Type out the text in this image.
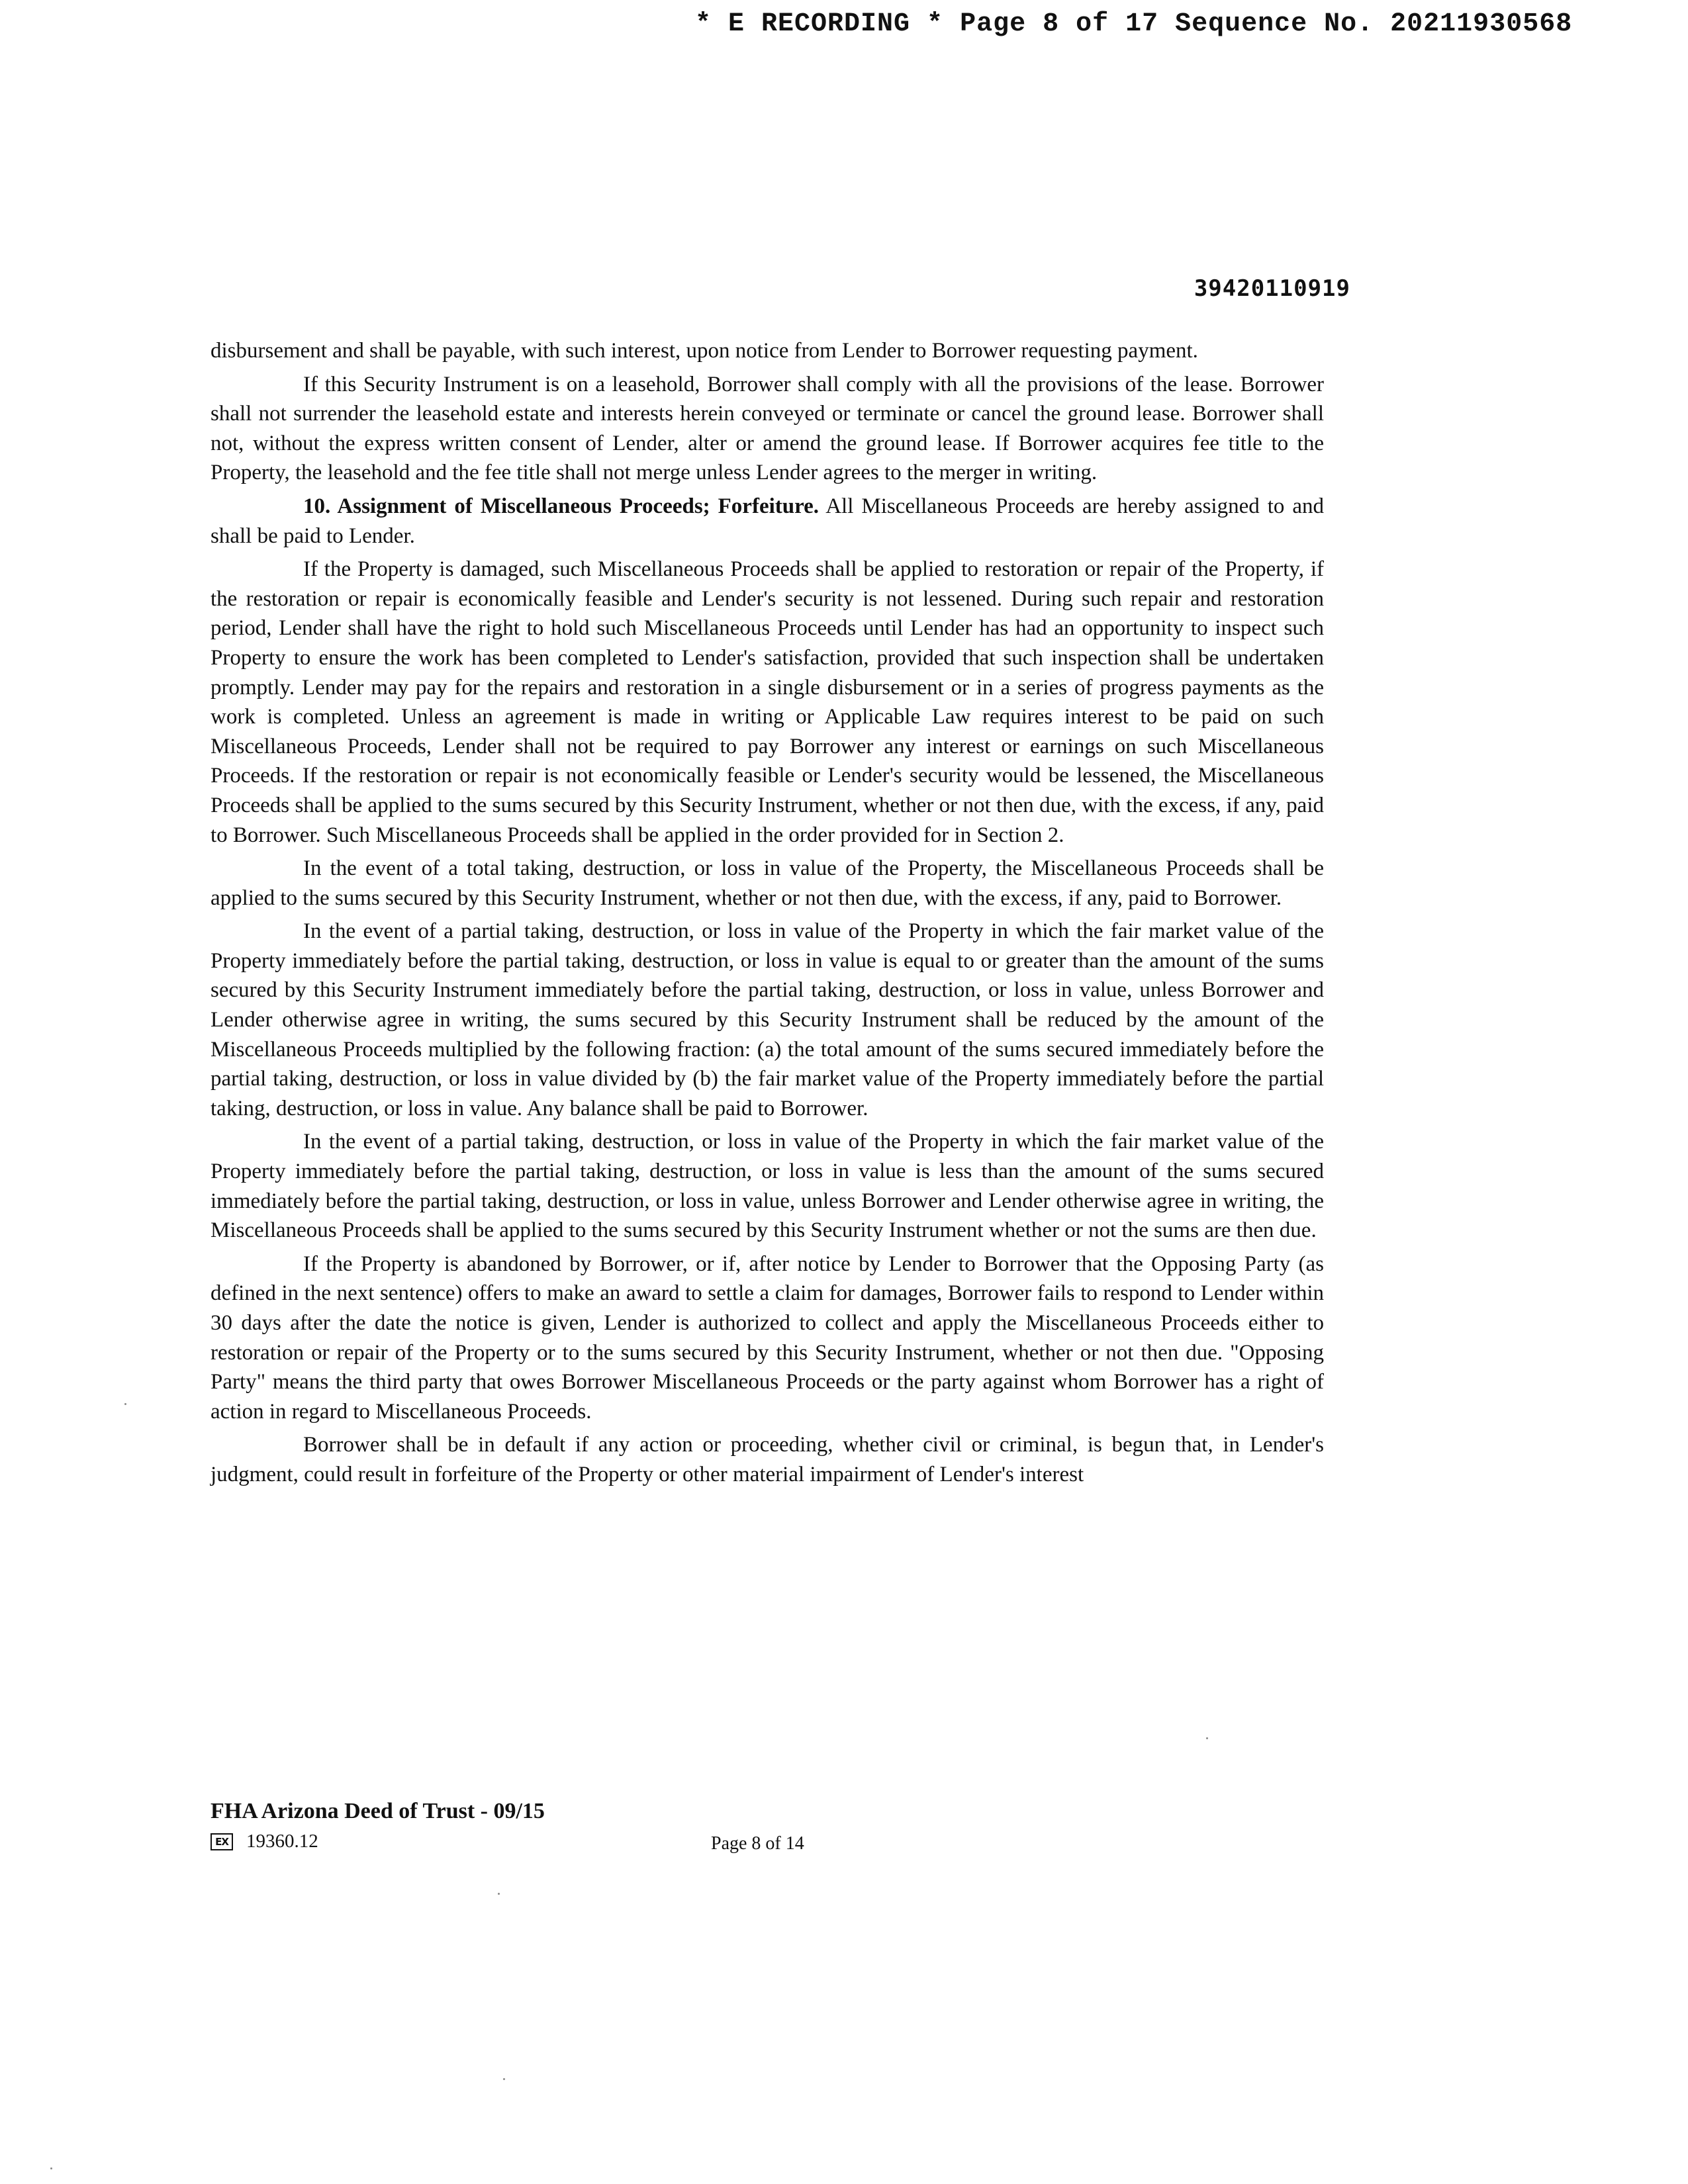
* E RECORDING * Page 8 of 17 Sequence No. 20211930568
39420110919

disbursement and shall be payable, with such interest, upon notice from Lender to Borrower requesting payment.

If this Security Instrument is on a leasehold, Borrower shall comply with all the provisions of the lease. Borrower shall not surrender the leasehold estate and interests herein conveyed or terminate or cancel the ground lease. Borrower shall not, without the express written consent of Lender, alter or amend the ground lease. If Borrower acquires fee title to the Property, the leasehold and the fee title shall not merge unless Lender agrees to the merger in writing.

10. Assignment of Miscellaneous Proceeds; Forfeiture. All Miscellaneous Proceeds are hereby assigned to and shall be paid to Lender.

If the Property is damaged, such Miscellaneous Proceeds shall be applied to restoration or repair of the Property, if the restoration or repair is economically feasible and Lender's security is not lessened. During such repair and restoration period, Lender shall have the right to hold such Miscellaneous Proceeds until Lender has had an opportunity to inspect such Property to ensure the work has been completed to Lender's satisfaction, provided that such inspection shall be undertaken promptly. Lender may pay for the repairs and restoration in a single disbursement or in a series of progress payments as the work is completed. Unless an agreement is made in writing or Applicable Law requires interest to be paid on such Miscellaneous Proceeds, Lender shall not be required to pay Borrower any interest or earnings on such Miscellaneous Proceeds. If the restoration or repair is not economically feasible or Lender's security would be lessened, the Miscellaneous Proceeds shall be applied to the sums secured by this Security Instrument, whether or not then due, with the excess, if any, paid to Borrower. Such Miscellaneous Proceeds shall be applied in the order provided for in Section 2.

In the event of a total taking, destruction, or loss in value of the Property, the Miscellaneous Proceeds shall be applied to the sums secured by this Security Instrument, whether or not then due, with the excess, if any, paid to Borrower.

In the event of a partial taking, destruction, or loss in value of the Property in which the fair market value of the Property immediately before the partial taking, destruction, or loss in value is equal to or greater than the amount of the sums secured by this Security Instrument immediately before the partial taking, destruction, or loss in value, unless Borrower and Lender otherwise agree in writing, the sums secured by this Security Instrument shall be reduced by the amount of the Miscellaneous Proceeds multiplied by the following fraction: (a) the total amount of the sums secured immediately before the partial taking, destruction, or loss in value divided by (b) the fair market value of the Property immediately before the partial taking, destruction, or loss in value. Any balance shall be paid to Borrower.

In the event of a partial taking, destruction, or loss in value of the Property in which the fair market value of the Property immediately before the partial taking, destruction, or loss in value is less than the amount of the sums secured immediately before the partial taking, destruction, or loss in value, unless Borrower and Lender otherwise agree in writing, the Miscellaneous Proceeds shall be applied to the sums secured by this Security Instrument whether or not the sums are then due.

If the Property is abandoned by Borrower, or if, after notice by Lender to Borrower that the Opposing Party (as defined in the next sentence) offers to make an award to settle a claim for damages, Borrower fails to respond to Lender within 30 days after the date the notice is given, Lender is authorized to collect and apply the Miscellaneous Proceeds either to restoration or repair of the Property or to the sums secured by this Security Instrument, whether or not then due. "Opposing Party" means the third party that owes Borrower Miscellaneous Proceeds or the party against whom Borrower has a right of action in regard to Miscellaneous Proceeds.

Borrower shall be in default if any action or proceeding, whether civil or criminal, is begun that, in Lender's judgment, could result in forfeiture of the Property or other material impairment of Lender's interest

FHA Arizona Deed of Trust - 09/15
EX 19360.12	Page 8 of 14
